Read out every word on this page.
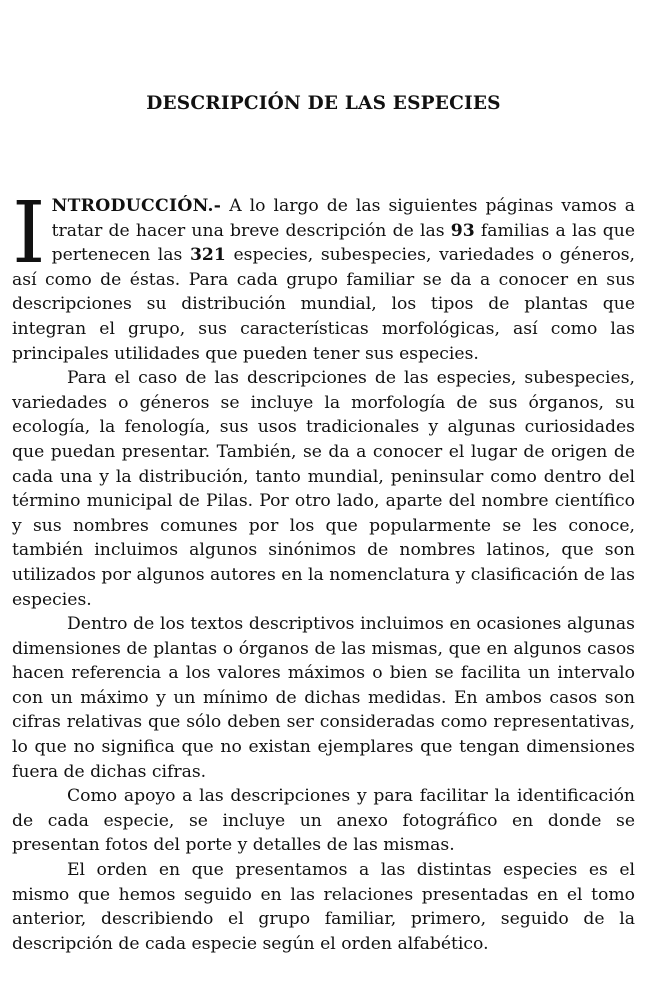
DESCRIPCIÓN DE LAS ESPECIES

INTRODUCCIÓN.- A lo largo de las siguientes páginas vamos a tratar de hacer una breve descripción de las 93 familias a las que pertenecen las 321 especies, subespecies, variedades o géneros, así como de éstas. Para cada grupo familiar se da a conocer en sus descripciones su distribución mundial, los tipos de plantas que integran el grupo, sus características morfológicas, así como las principales utilidades que pueden tener sus especies.

Para el caso de las descripciones de las especies, subespecies, variedades o géneros se incluye la morfología de sus órganos, su ecología, la fenología, sus usos tradicionales y algunas curiosidades que puedan presentar. También, se da a conocer el lugar de origen de cada una y la distribución, tanto mundial, peninsular como dentro del término municipal de Pilas. Por otro lado, aparte del nombre científico y sus nombres comunes por los que popularmente se les conoce, también incluimos algunos sinónimos de nombres latinos, que son utilizados por algunos autores en la nomenclatura y clasificación de las especies.

Dentro de los textos descriptivos incluimos en ocasiones algunas dimensiones de plantas o órganos de las mismas, que en algunos casos hacen referencia a los valores máximos o bien se facilita un intervalo con un máximo y un mínimo de dichas medidas. En ambos casos son cifras relativas que sólo deben ser consideradas como representativas, lo que no significa que no existan ejemplares que tengan dimensiones fuera de dichas cifras.

Como apoyo a las descripciones y para facilitar la identificación de cada especie, se incluye un anexo fotográfico en donde se presentan fotos del porte y detalles de las mismas.

El orden en que presentamos a las distintas especies es el mismo que hemos seguido en las relaciones presentadas en el tomo anterior, describiendo el grupo familiar, primero, seguido de la descripción de cada especie según el orden alfabético.
